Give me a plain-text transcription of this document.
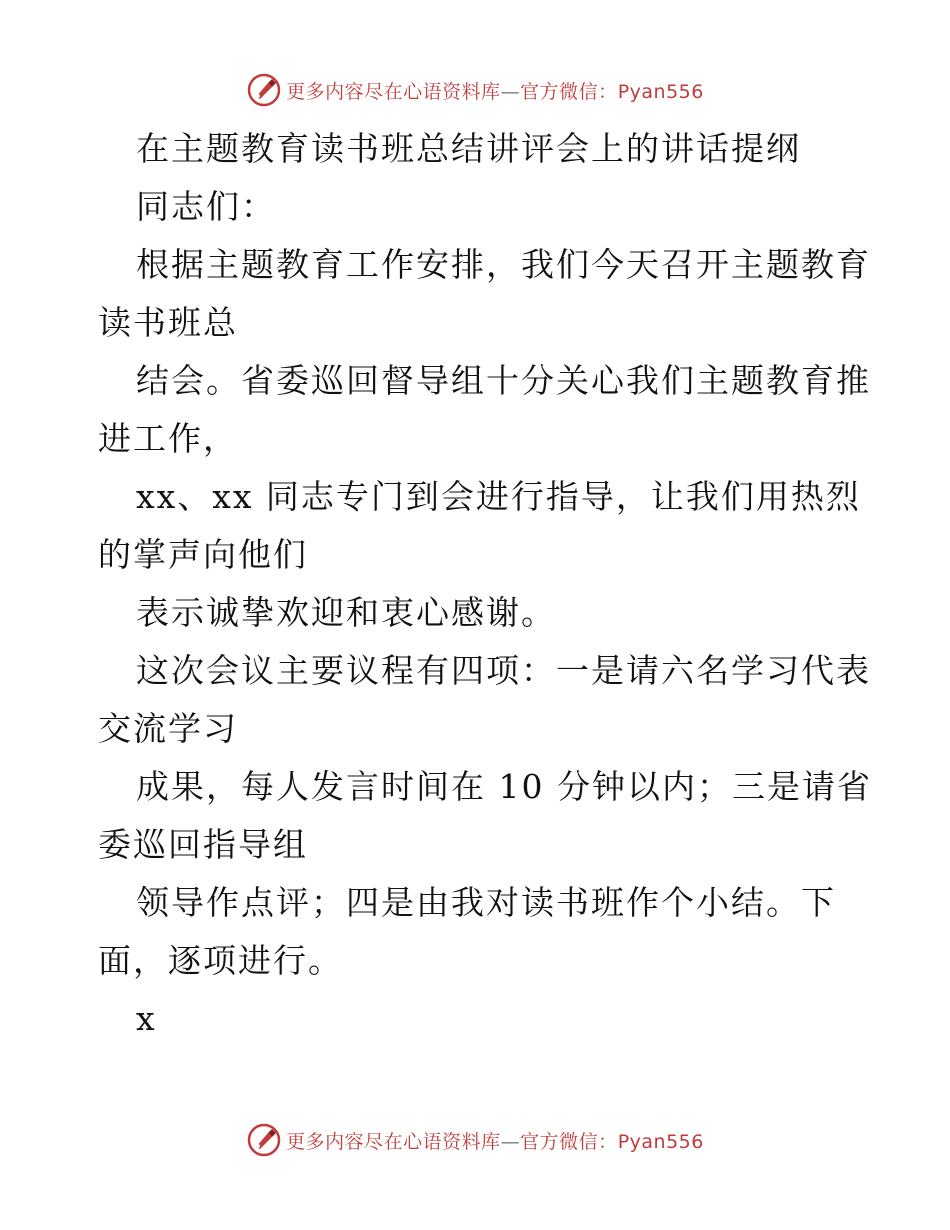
更多内容尽在心语资料库—官方微信：Pyan556
在主题教育读书班总结讲评会上的讲话提纲
同志们：
根据主题教育工作安排，我们今天召开主题教育
读书班总
结会。省委巡回督导组十分关心我们主题教育推
进工作，
xx、xx 同志专门到会进行指导，让我们用热烈
的掌声向他们
表示诚挚欢迎和衷心感谢。
这次会议主要议程有四项：一是请六名学习代表
交流学习
成果，每人发言时间在 10 分钟以内；三是请省
委巡回指导组
领导作点评；四是由我对读书班作个小结。下
面，逐项进行。
x
更多内容尽在心语资料库—官方微信：Pyan556
